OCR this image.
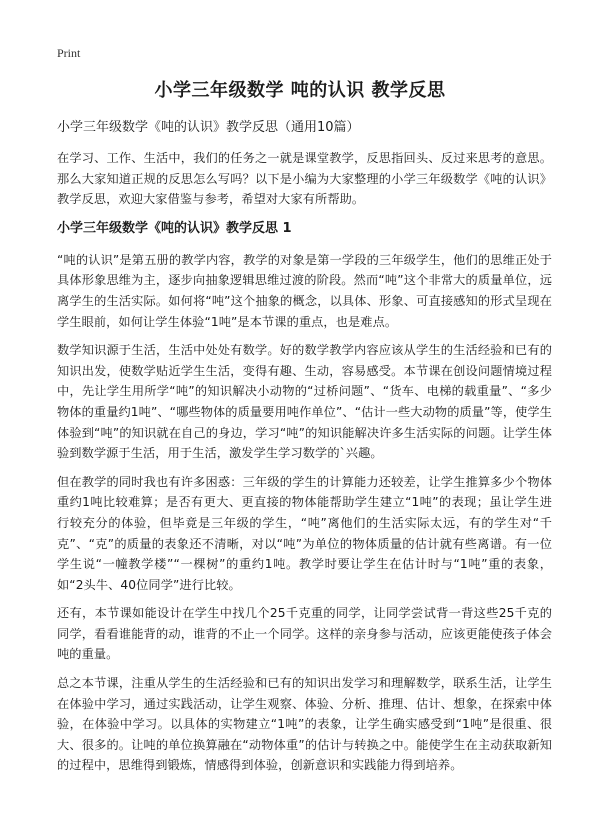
Print
小学三年级数学 吨的认识 教学反思
小学三年级数学《吨的认识》教学反思（通用10篇）

在学习、工作、生活中，我们的任务之一就是课堂教学，反思指回头、反过来思考的意思。那么大家知道正规的反思怎么写吗？以下是小编为大家整理的小学三年级数学《吨的认识》教学反思，欢迎大家借鉴与参考，希望对大家有所帮助。

小学三年级数学《吨的认识》教学反思 1

“吨的认识”是第五册的教学内容，教学的对象是第一学段的三年级学生，他们的思维正处于具体形象思维为主，逐步向抽象逻辑思维过渡的阶段。然而“吨”这个非常大的质量单位，远离学生的生活实际。如何将“吨”这个抽象的概念，以具体、形象、可直接感知的形式呈现在学生眼前，如何让学生体验“1吨”是本节课的重点，也是难点。

数学知识源于生活，生活中处处有数学。好的数学教学内容应该从学生的生活经验和已有的知识出发，使数学贴近学生生活，变得有趣、生动，容易感受。本节课在创设问题情境过程中，先让学生用所学“吨”的知识解决小动物的“过桥问题”、“货车、电梯的载重量”、“多少物体的重量约1吨”、“哪些物体的质量要用吨作单位”、“估计一些大动物的质量”等，使学生体验到“吨”的知识就在自己的身边，学习“吨”的知识能解决许多生活实际的问题。让学生体验到数学源于生活，用于生活，激发学生学习数学的`兴趣。

但在教学的同时我也有许多困惑：三年级的学生的计算能力还较差，让学生推算多少个物体重约1吨比较难算；是否有更大、更直接的物体能帮助学生建立“1吨”的表现；虽让学生进行较充分的体验，但毕竟是三年级的学生，“吨”离他们的生活实际太远，有的学生对“千克”、“克”的质量的表象还不清晰，对以“吨”为单位的物体质量的估计就有些离谱。有一位学生说“一幢教学楼”“一棵树”的重约1吨。教学时要让学生在估计时与“1吨”重的表象，如“2头牛、40位同学”进行比较。

还有，本节课如能设计在学生中找几个25千克重的同学，让同学尝试背一背这些25千克的同学，看看谁能背的动，谁背的不止一个同学。这样的亲身参与活动，应该更能使孩子体会吨的重量。

总之本节课，注重从学生的生活经验和已有的知识出发学习和理解数学，联系生活，让学生在体验中学习，通过实践活动，让学生观察、体验、分析、推理、估计、想象，在探索中体验，在体验中学习。以具体的实物建立“1吨”的表象，让学生确实感受到“1吨”是很重、很大、很多的。让吨的单位换算融在“动物体重”的估计与转换之中。能使学生在主动获取新知的过程中，思维得到锻炼，情感得到体验，创新意识和实践能力得到培养。
